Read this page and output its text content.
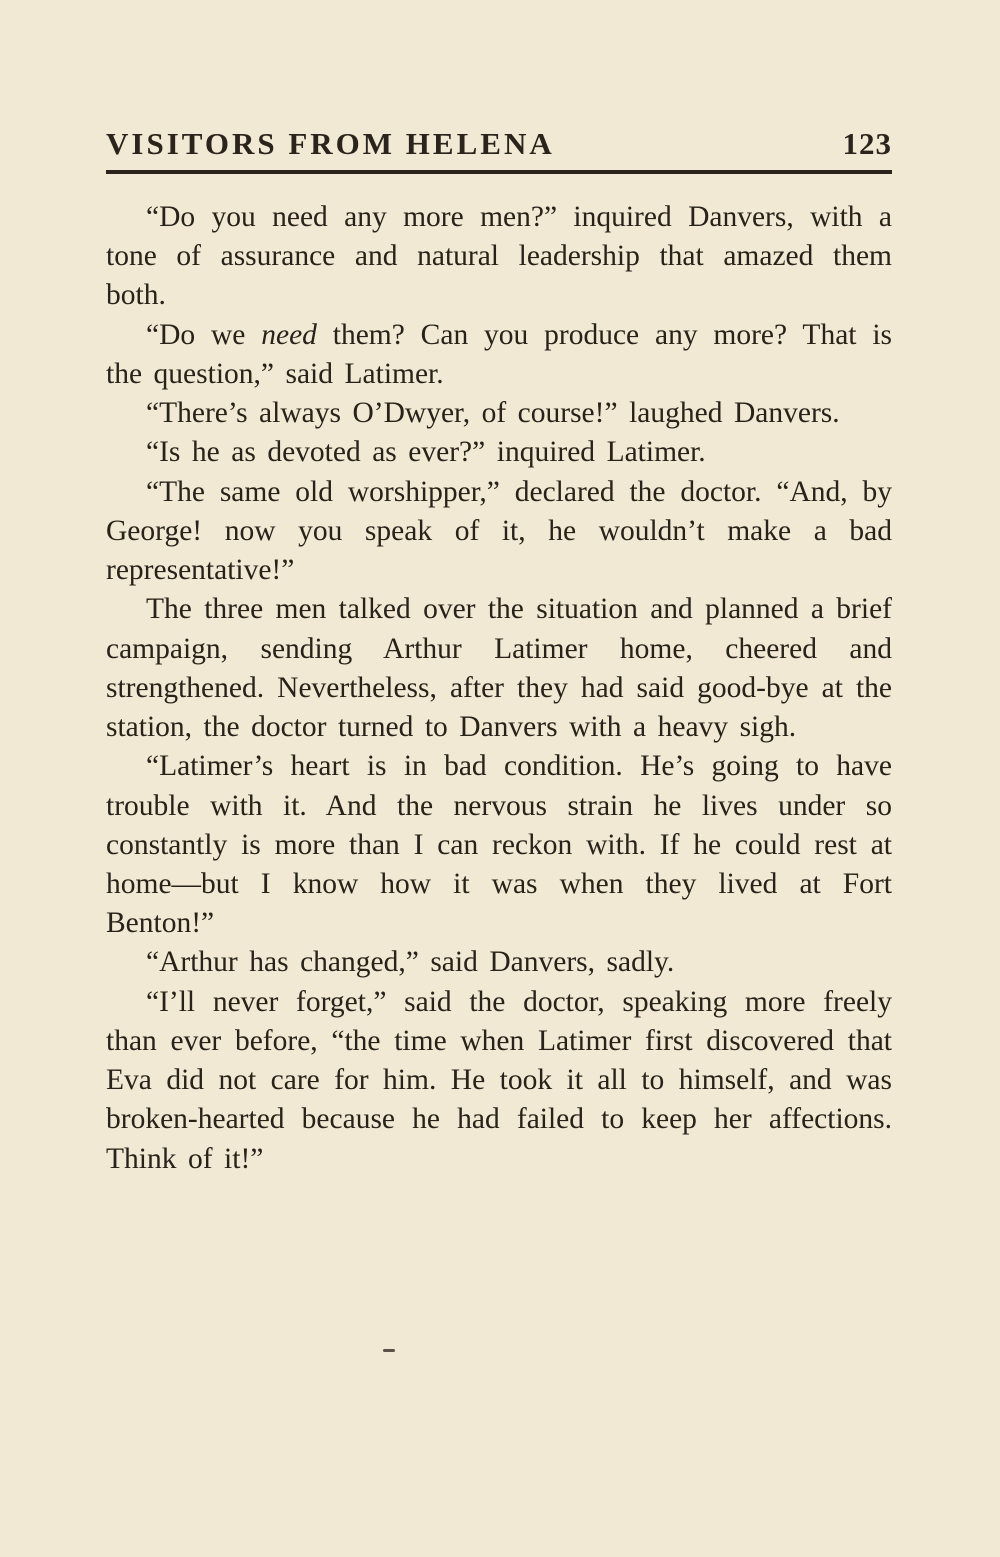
VISITORS FROM HELENA	123

“Do you need any more men?” inquired Danvers, with a tone of assurance and natural leadership that amazed them both.

“Do we need them? Can you produce any more? That is the question,” said Latimer.

“There’s always O’Dwyer, of course!” laughed Danvers.

“Is he as devoted as ever?” inquired Latimer.

“The same old worshipper,” declared the doctor. “And, by George! now you speak of it, he wouldn’t make a bad representative!”

The three men talked over the situation and planned a brief campaign, sending Arthur Latimer home, cheered and strengthened. Nevertheless, after they had said good-bye at the station, the doctor turned to Danvers with a heavy sigh.

“Latimer’s heart is in bad condition. He’s going to have trouble with it. And the nervous strain he lives under so constantly is more than I can reckon with. If he could rest at home—but I know how it was when they lived at Fort Benton!”

“Arthur has changed,” said Danvers, sadly.

“I’ll never forget,” said the doctor, speaking more freely than ever before, “the time when Latimer first discovered that Eva did not care for him. He took it all to himself, and was broken-hearted because he had failed to keep her affections. Think of it!”
